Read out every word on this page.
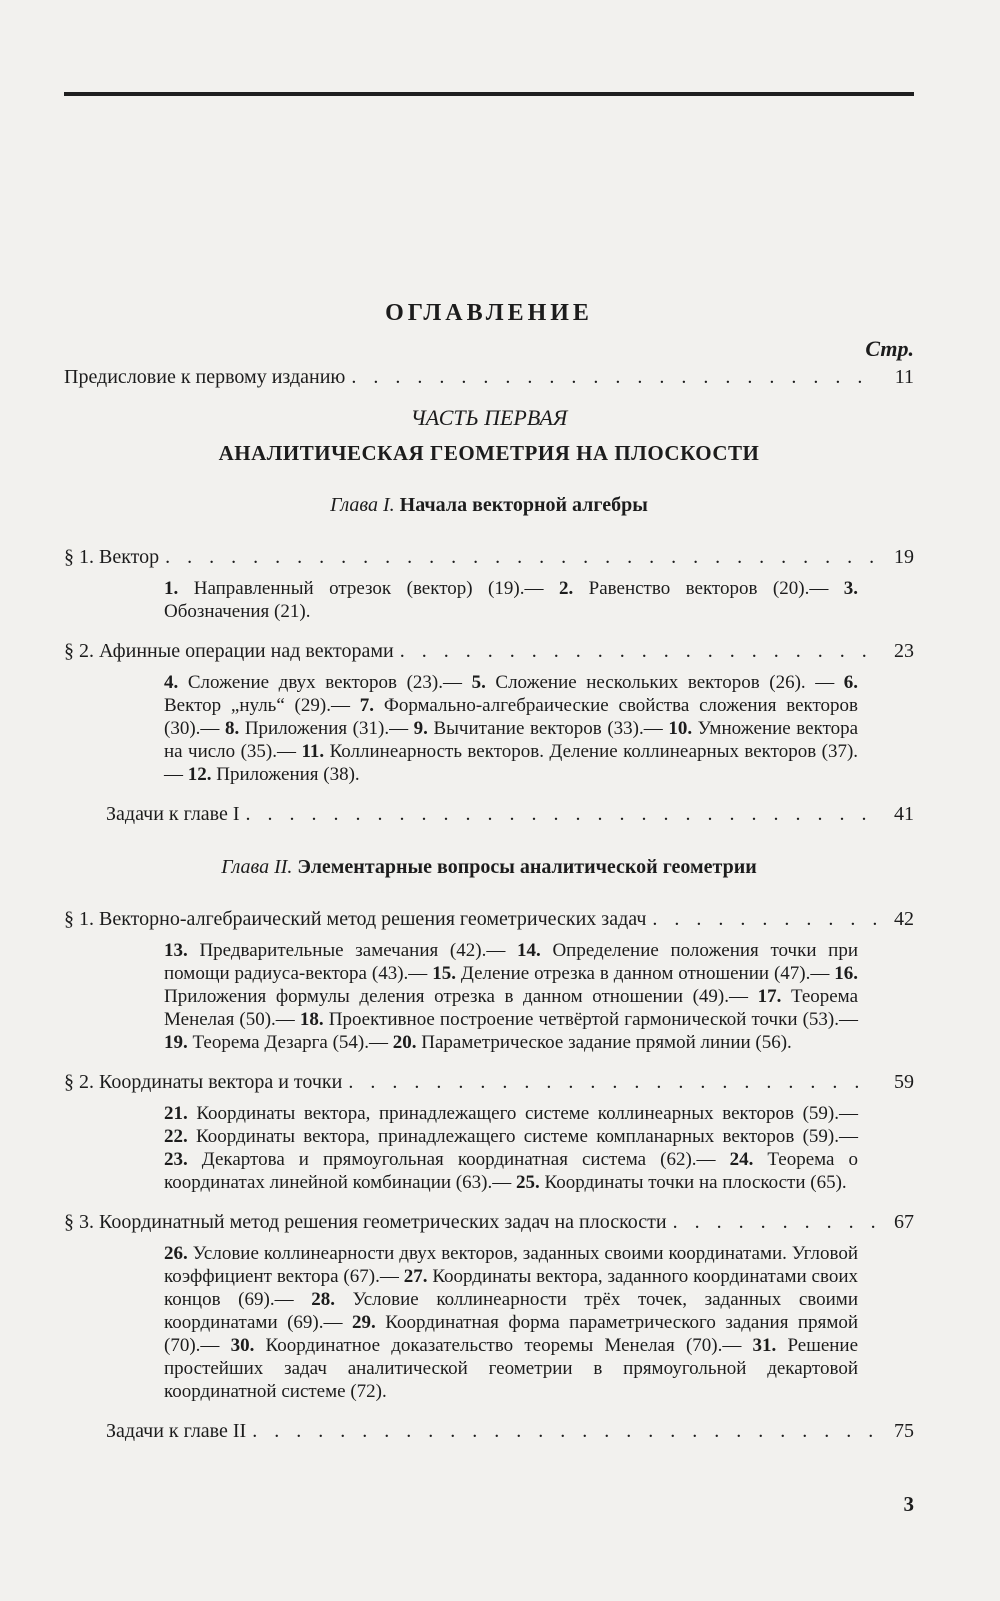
ОГЛАВЛЕНИЕ
Стр.
Предисловие к первому изданию . . .	11
ЧАСТЬ ПЕРВАЯ
АНАЛИТИЧЕСКАЯ ГЕОМЕТРИЯ НА ПЛОСКОСТИ
Глава I. Начала векторной алгебры
§ 1. Вектор . . .	19
1. Направленный отрезок (вектор) (19).— 2. Равенство векторов (20).— 3. Обозначения (21).
§ 2. Афинные операции над векторами . . .	23
4. Сложение двух векторов (23).— 5. Сложение нескольких векторов (26). — 6. Вектор „нуль“ (29).— 7. Формально-алгебраические свойства сложения векторов (30).— 8. Приложения (31).— 9. Вычитание векторов (33).— 10. Умножение вектора на число (35).— 11. Коллинеарность векторов. Деление коллинеарных векторов (37).— 12. Приложения (38).
Задачи к главе I . . .	41
Глава II. Элементарные вопросы аналитической геометрии
§ 1. Векторно-алгебраический метод решения геометрических задач . . .	42
13. Предварительные замечания (42).— 14. Определение положения точки при помощи радиуса-вектора (43).— 15. Деление отрезка в данном отношении (47).— 16. Приложения формулы деления отрезка в данном отношении (49).— 17. Теорема Менелая (50).— 18. Проективное построение четвёртой гармонической точки (53).— 19. Теорема Дезарга (54).— 20. Параметрическое задание прямой линии (56).
§ 2. Координаты вектора и точки . . .	59
21. Координаты вектора, принадлежащего системе коллинеарных векторов (59).— 22. Координаты вектора, принадлежащего системе компланарных векторов (59).— 23. Декартова и прямоугольная координатная система (62).— 24. Теорема о координатах линейной комбинации (63).— 25. Координаты точки на плоскости (65).
§ 3. Координатный метод решения геометрических задач на плоскости . . .	67
26. Условие коллинеарности двух векторов, заданных своими координатами. Угловой коэффициент вектора (67).— 27. Координаты вектора, заданного координатами своих концов (69).— 28. Условие коллинеарности трёх точек, заданных своими координатами (69).— 29. Координатная форма параметрического задания прямой (70).— 30. Координатное доказательство теоремы Менелая (70).— 31. Решение простейших задач аналитической геометрии в прямоугольной декартовой координатной системе (72).
Задачи к главе II . . .	75
3
